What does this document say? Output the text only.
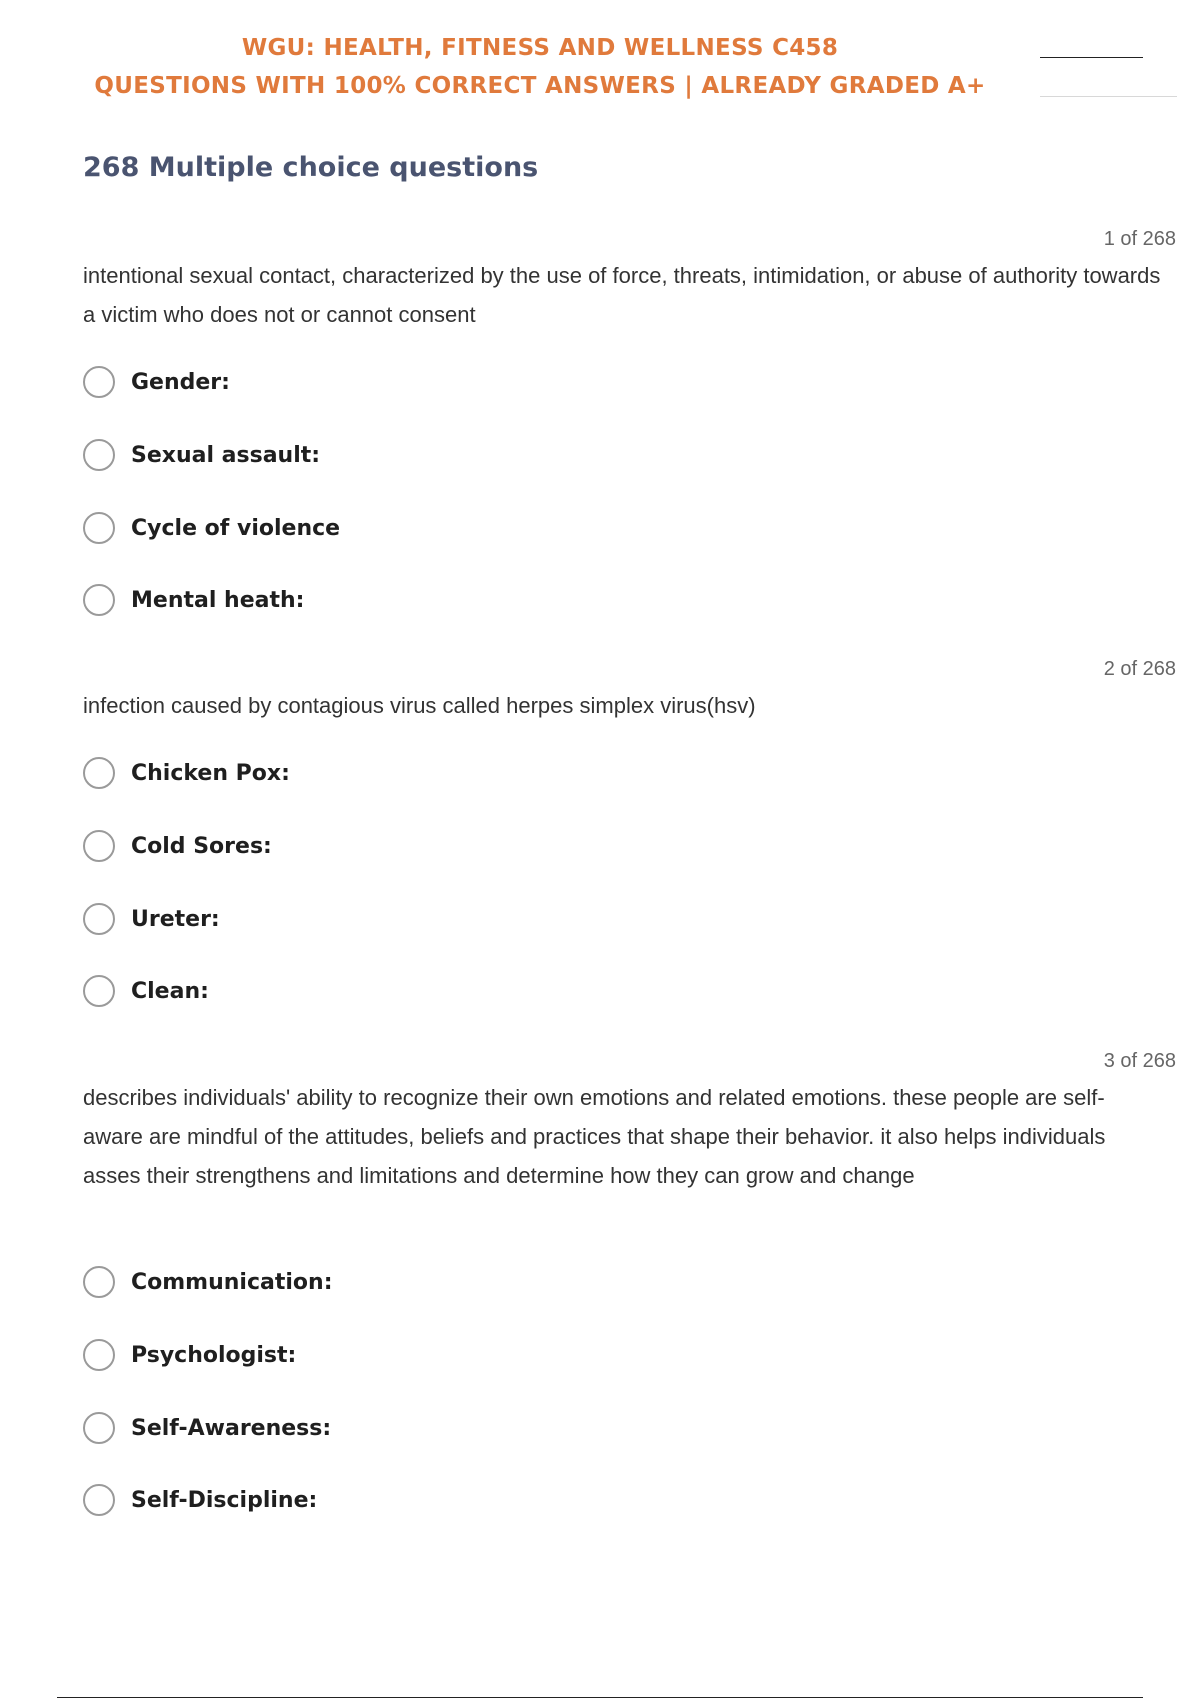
WGU: HEALTH, FITNESS AND WELLNESS C458
QUESTIONS WITH 100% CORRECT ANSWERS | ALREADY GRADED A+
268 Multiple choice questions
1 of 268

intentional sexual contact, characterized by the use of force, threats, intimidation, or abuse of authority towards a victim who does not or cannot consent

Gender:
Sexual assault:
Cycle of violence
Mental heath:
2 of 268

infection caused by contagious virus called herpes simplex virus(hsv)

Chicken Pox:
Cold Sores:
Ureter:
Clean:
3 of 268

describes individuals' ability to recognize their own emotions and related emotions. these people are self-aware are mindful of the attitudes, beliefs and practices that shape their behavior. it also helps individuals asses their strengthens and limitations and determine how they can grow and change

Communication:
Psychologist:
Self-Awareness:
Self-Discipline:
